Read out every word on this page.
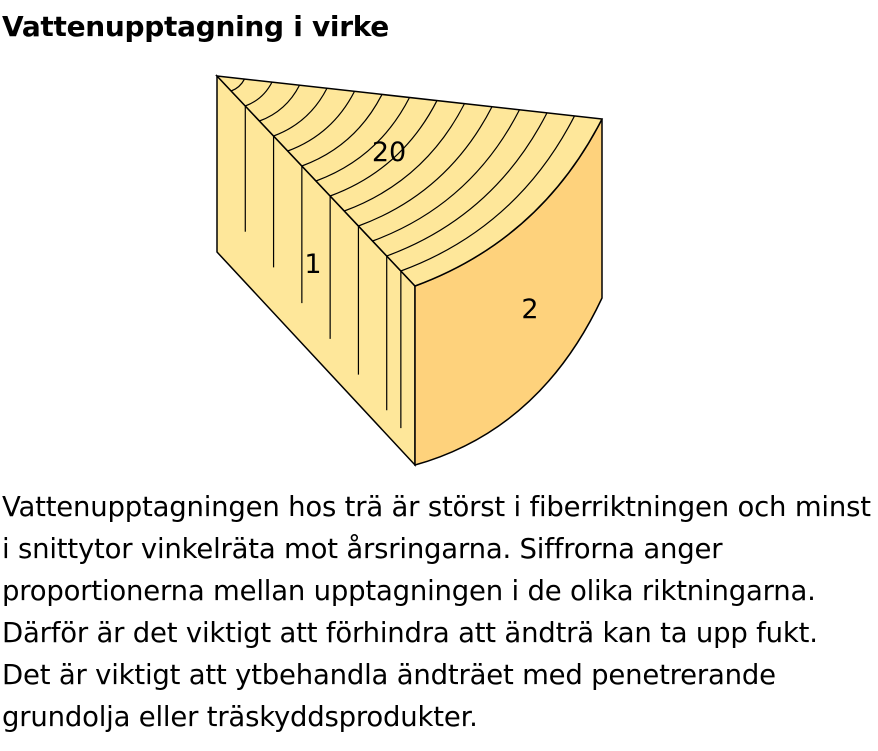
Vattenupptagning i virke
20
1
2

Vattenupptagningen hos trä är störst i fiberriktningen och minst i snittytor vinkelräta mot årsringarna. Siffrorna anger proportionerna mellan upptagningen i de olika riktningarna. Därför är det viktigt att förhindra att ändträ kan ta upp fukt. Det är viktigt att ytbehandla ändträet med penetrerande grundolja eller träskyddsprodukter.
